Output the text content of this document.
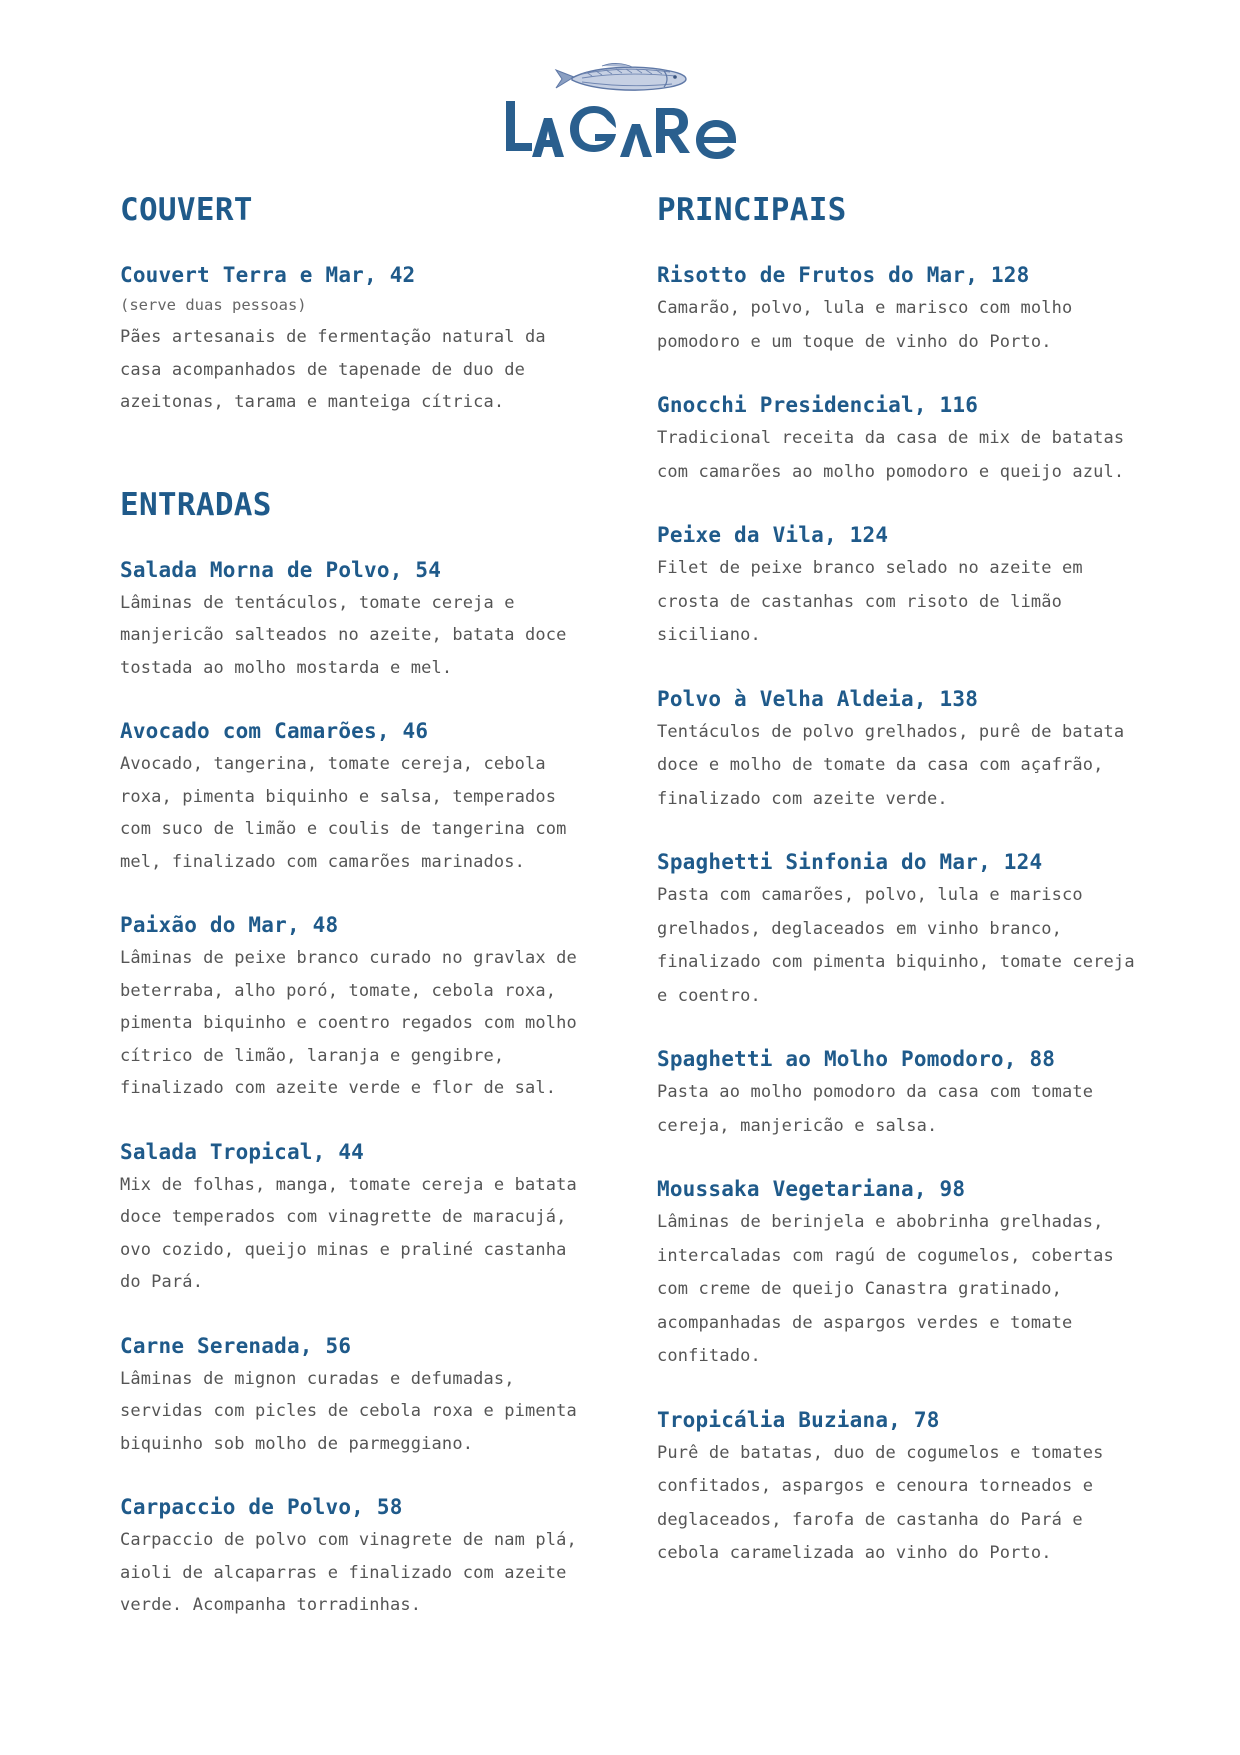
COUVERT

Couvert Terra e Mar, 42

(serve duas pessoas)

Pães artesanais de fermentação natural da casa acompanhados de tapenade de duo de azeitonas, tarama e manteiga cítrica.

ENTRADAS

Salada Morna de Polvo, 54

Lâminas de tentáculos, tomate cereja e manjericão salteados no azeite, batata doce tostada ao molho mostarda e mel.

Avocado com Camarões, 46

Avocado, tangerina, tomate cereja, cebola roxa, pimenta biquinho e salsa, temperados com suco de limão e coulis de tangerina com mel, finalizado com camarões marinados.

Paixão do Mar, 48

Lâminas de peixe branco curado no gravlax de beterraba, alho poró, tomate, cebola roxa, pimenta biquinho e coentro regados com molho cítrico de limão, laranja e gengibre, finalizado com azeite verde e flor de sal.

Salada Tropical, 44

Mix de folhas, manga, tomate cereja e batata doce temperados com vinagrette de maracujá, ovo cozido, queijo minas e praliné castanha do Pará.

Carne Serenada, 56

Lâminas de mignon curadas e defumadas, servidas com picles de cebola roxa e pimenta biquinho sob molho de parmeggiano.

Carpaccio de Polvo, 58

Carpaccio de polvo com vinagrete de nam plá, aioli de alcaparras e finalizado com azeite verde. Acompanha torradinhas.

PRINCIPAIS

Risotto de Frutos do Mar, 128

Camarão, polvo, lula e marisco com molho pomodoro e um toque de vinho do Porto.

Gnocchi Presidencial, 116

Tradicional receita da casa de mix de batatas com camarões ao molho pomodoro e queijo azul.

Peixe da Vila, 124

Filet de peixe branco selado no azeite em crosta de castanhas com risoto de limão siciliano.

Polvo à Velha Aldeia, 138

Tentáculos de polvo grelhados, purê de batata doce e molho de tomate da casa com açafrão, finalizado com azeite verde.

Spaghetti Sinfonia do Mar, 124

Pasta com camarões, polvo, lula e marisco grelhados, deglaceados em vinho branco, finalizado com pimenta biquinho, tomate cereja e coentro.

Spaghetti ao Molho Pomodoro, 88

Pasta ao molho pomodoro da casa com tomate cereja, manjericão e salsa.

Moussaka Vegetariana, 98

Lâminas de berinjela e abobrinha grelhadas, intercaladas com ragú de cogumelos, cobertas com creme de queijo Canastra gratinado, acompanhadas de aspargos verdes e tomate confitado.

Tropicália Buziana, 78

Purê de batatas, duo de cogumelos e tomates confitados, aspargos e cenoura torneados e deglaceados, farofa de castanha do Pará e cebola caramelizada ao vinho do Porto.
